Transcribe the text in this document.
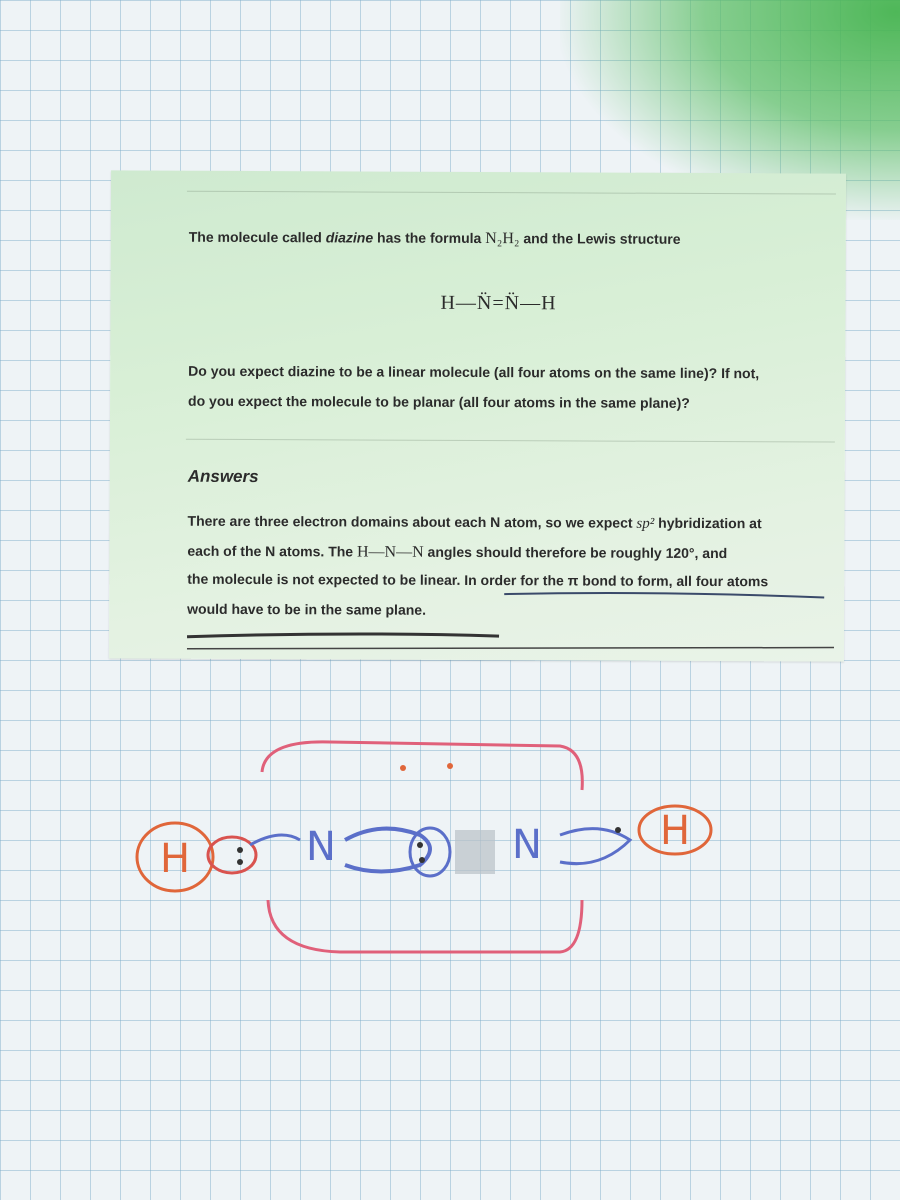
The molecule called diazine has the formula N₂H₂ and the Lewis structure
H—N̈=N̈—H
Do you expect diazine to be a linear molecule (all four atoms on the same line)? If not,
do you expect the molecule to be planar (all four atoms in the same plane)?
Answers
There are three electron domains about each N atom, so we expect sp² hybridization at
each of the N atoms. The H—N—N angles should therefore be roughly 120°, and
the molecule is not expected to be linear. In order for the π bond to form, all four atoms
would have to be in the same plane.
H	N	N	H
